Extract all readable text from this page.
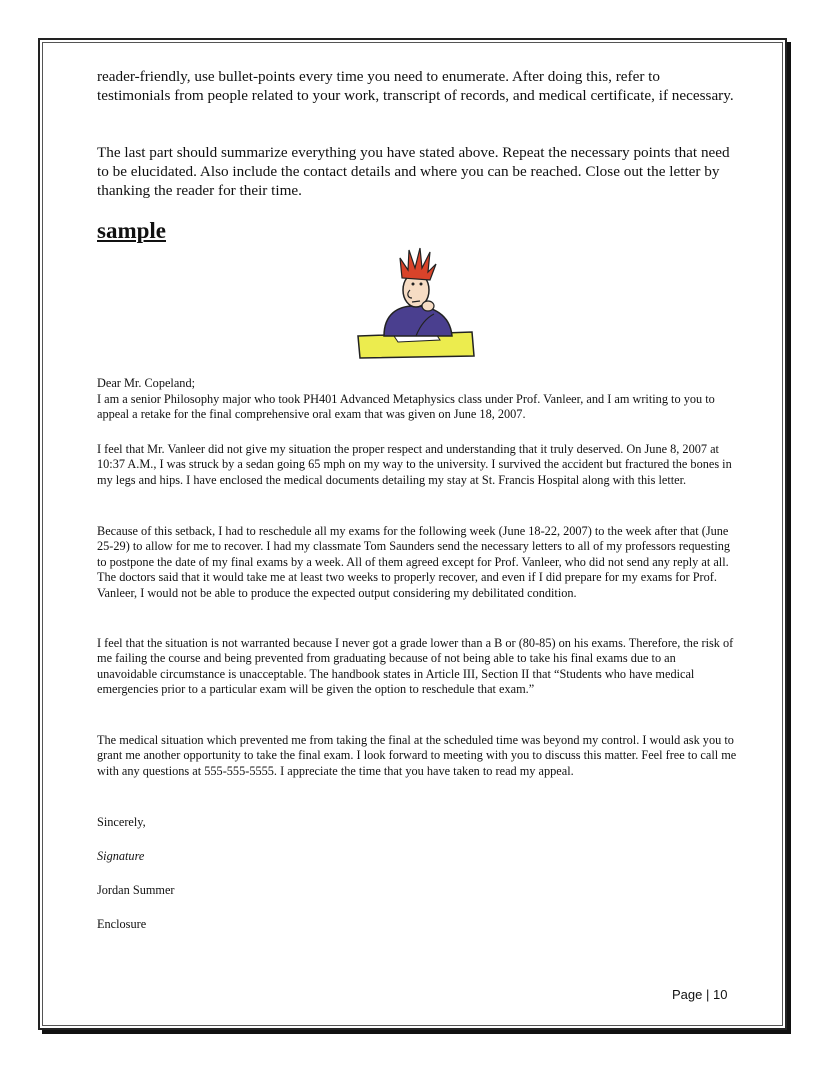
reader-friendly, use bullet-points every time you need to enumerate. After doing this, refer to testimonials from people related to your work, transcript of records, and medical certificate, if necessary.

The last part should summarize everything you have stated above. Repeat the necessary points that need to be elucidated. Also include the contact details and where you can be reached. Close out the letter by thanking the reader for their time.

sample

Dear Mr. Copeland;

I am a senior Philosophy major who took PH401 Advanced Metaphysics class under Prof. Vanleer, and I am writing to you to appeal a retake for the final comprehensive oral exam that was given on June 18, 2007.

I feel that Mr. Vanleer did not give my situation the proper respect and understanding that it truly deserved. On June 8, 2007 at 10:37 A.M., I was struck by a sedan going 65 mph on my way to the university. I survived the accident but fractured the bones in my legs and hips. I have enclosed the medical documents detailing my stay at St. Francis Hospital along with this letter.

Because of this setback, I had to reschedule all my exams for the following week (June 18-22, 2007) to the week after that (June 25-29) to allow for me to recover. I had my classmate Tom Saunders send the necessary letters to all of my professors requesting to postpone the date of my final exams by a week. All of them agreed except for Prof. Vanleer, who did not send any reply at all. The doctors said that it would take me at least two weeks to properly recover, and even if I did prepare for my exams for Prof. Vanleer, I would not be able to produce the expected output considering my debilitated condition.

I feel that the situation is not warranted because I never got a grade lower than a B or (80-85) on his exams. Therefore, the risk of me failing the course and being prevented from graduating because of not being able to take his final exams due to an unavoidable circumstance is unacceptable. The handbook states in Article III, Section II that “Students who have medical emergencies prior to a particular exam will be given the option to reschedule that exam.”

The medical situation which prevented me from taking the final at the scheduled time was beyond my control. I would ask you to grant me another opportunity to take the final exam. I look forward to meeting with you to discuss this matter. Feel free to call me with any questions at 555-555-5555. I appreciate the time that you have taken to read my appeal.

Sincerely,

Signature

Jordan Summer

Enclosure

Page | 10
